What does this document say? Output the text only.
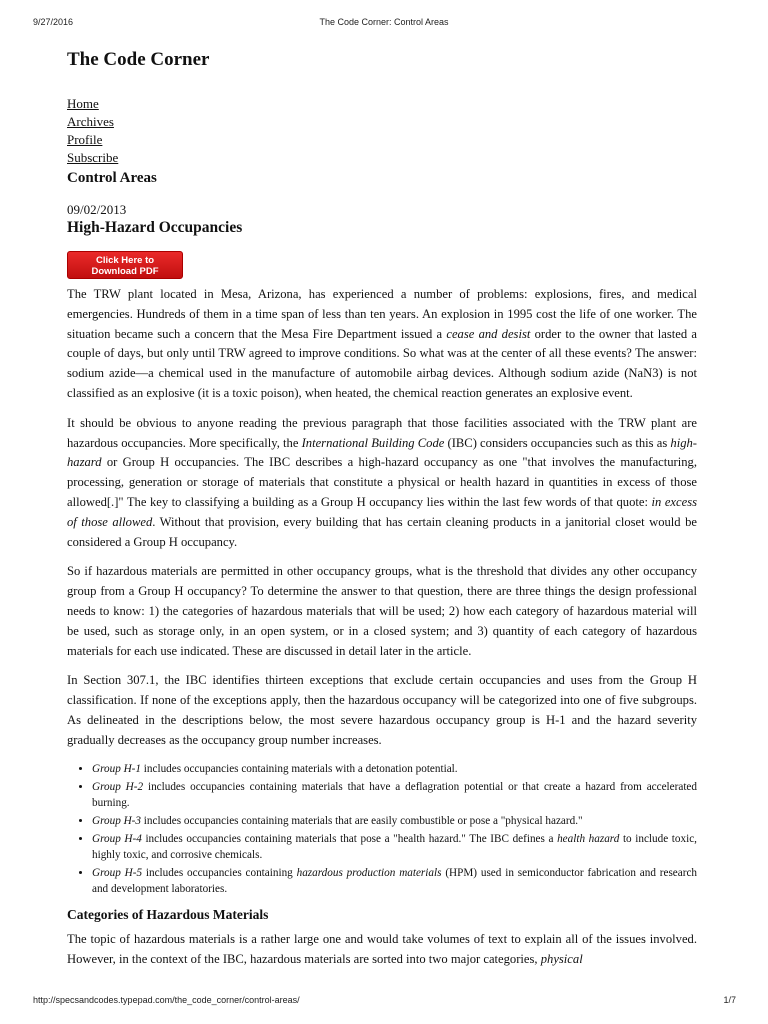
9/27/2016	The Code Corner: Control Areas
The Code Corner
Home
Archives
Profile
Subscribe
Control Areas
09/02/2013
High-Hazard Occupancies
Click Here to
Download PDF

The TRW plant located in Mesa, Arizona, has experienced a number of problems: explosions, fires, and medical emergencies. Hundreds of them in a time span of less than ten years. An explosion in 1995 cost the life of one worker. The situation became such a concern that the Mesa Fire Department issued a cease and desist order to the owner that lasted a couple of days, but only until TRW agreed to improve conditions. So what was at the center of all these events? The answer: sodium azide—a chemical used in the manufacture of automobile airbag devices. Although sodium azide (NaN3) is not classified as an explosive (it is a toxic poison), when heated, the chemical reaction generates an explosive event.

It should be obvious to anyone reading the previous paragraph that those facilities associated with the TRW plant are hazardous occupancies. More specifically, the International Building Code (IBC) considers occupancies such as this as high-hazard or Group H occupancies. The IBC describes a high-hazard occupancy as one "that involves the manufacturing, processing, generation or storage of materials that constitute a physical or health hazard in quantities in excess of those allowed[.]" The key to classifying a building as a Group H occupancy lies within the last few words of that quote: in excess of those allowed. Without that provision, every building that has certain cleaning products in a janitorial closet would be considered a Group H occupancy.

So if hazardous materials are permitted in other occupancy groups, what is the threshold that divides any other occupancy group from a Group H occupancy? To determine the answer to that question, there are three things the design professional needs to know: 1) the categories of hazardous materials that will be used; 2) how each category of hazardous material will be used, such as storage only, in an open system, or in a closed system; and 3) quantity of each category of hazardous materials for each use indicated. These are discussed in detail later in the article.

In Section 307.1, the IBC identifies thirteen exceptions that exclude certain occupancies and uses from the Group H classification. If none of the exceptions apply, then the hazardous occupancy will be categorized into one of five subgroups. As delineated in the descriptions below, the most severe hazardous occupancy group is H-1 and the hazard severity gradually decreases as the occupancy group number increases.

• Group H-1 includes occupancies containing materials with a detonation potential.
• Group H-2 includes occupancies containing materials that have a deflagration potential or that create a hazard from accelerated burning.
• Group H-3 includes occupancies containing materials that are easily combustible or pose a "physical hazard."
• Group H-4 includes occupancies containing materials that pose a "health hazard." The IBC defines a health hazard to include toxic, highly toxic, and corrosive chemicals.
• Group H-5 includes occupancies containing hazardous production materials (HPM) used in semiconductor fabrication and research and development laboratories.
Categories of Hazardous Materials

The topic of hazardous materials is a rather large one and would take volumes of text to explain all of the issues involved. However, in the context of the IBC, hazardous materials are sorted into two major categories, physical

http://specsandcodes.typepad.com/the_code_corner/control-areas/	1/7
